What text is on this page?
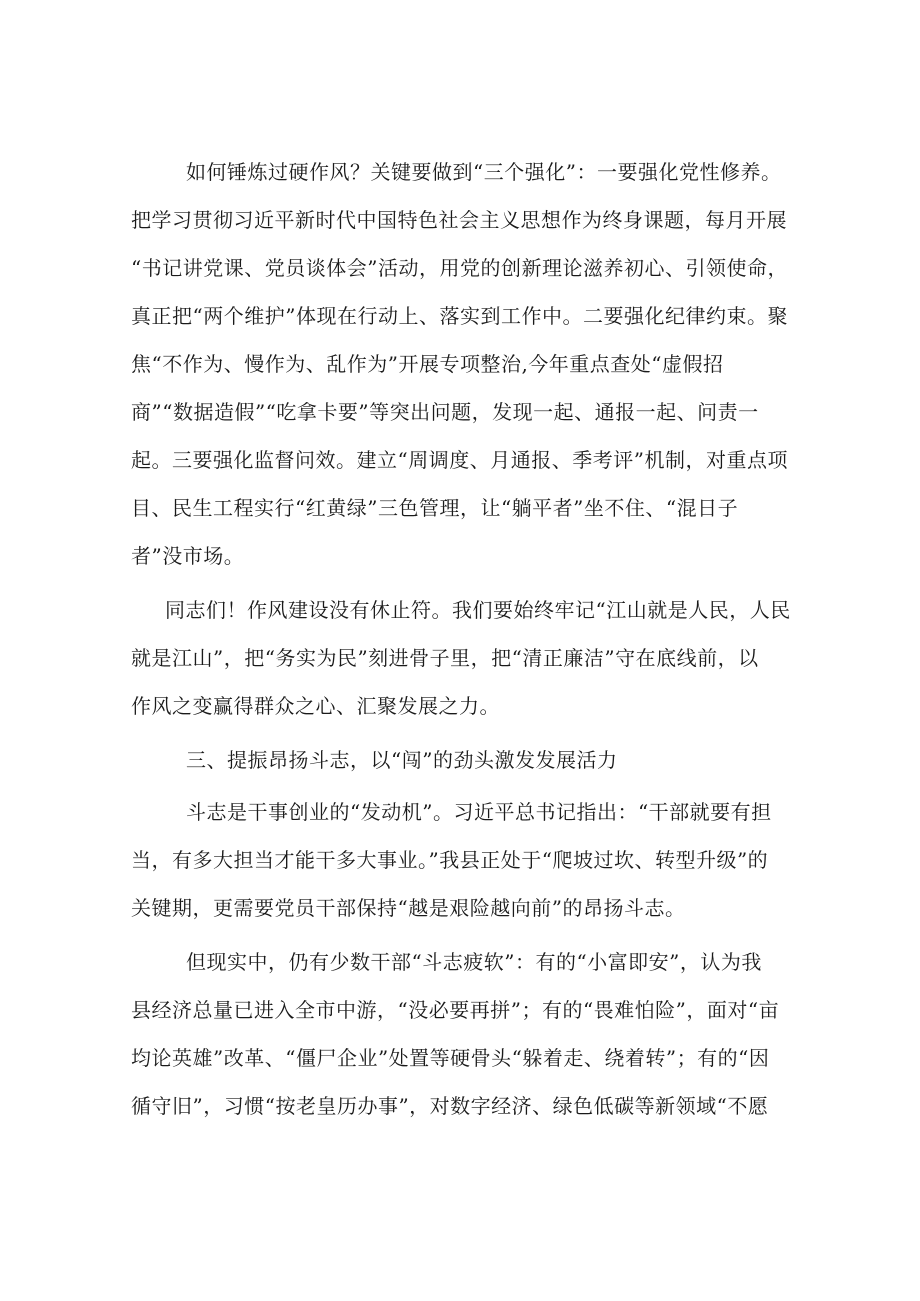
如何锤炼过硬作风？关键要做到“三个强化”：一要强化党性修养。
把学习贯彻习近平新时代中国特色社会主义思想作为终身课题，每月开展
“书记讲党课、党员谈体会”活动，用党的创新理论滋养初心、引领使命，
真正把“两个维护”体现在行动上、落实到工作中。二要强化纪律约束。聚
焦“不作为、慢作为、乱作为”开展专项整治,今年重点查处“虚假招
商”“数据造假”“吃拿卡要”等突出问题，发现一起、通报一起、问责一
起。三要强化监督问效。建立“周调度、月通报、季考评”机制，对重点项
目、民生工程实行“红黄绿”三色管理，让“躺平者”坐不住、“混日子
者”没市场。
同志们！作风建设没有休止符。我们要始终牢记“江山就是人民，人民
就是江山”，把“务实为民”刻进骨子里，把“清正廉洁”守在底线前，以
作风之变赢得群众之心、汇聚发展之力。
三、提振昂扬斗志，以“闯”的劲头激发发展活力
斗志是干事创业的“发动机”。习近平总书记指出：“干部就要有担
当，有多大担当才能干多大事业。”我县正处于“爬坡过坎、转型升级”的
关键期，更需要党员干部保持“越是艰险越向前”的昂扬斗志。
但现实中，仍有少数干部“斗志疲软”：有的“小富即安”，认为我
县经济总量已进入全市中游，“没必要再拼”；有的“畏难怕险”，面对“亩
均论英雄”改革、“僵尸企业”处置等硬骨头“躲着走、绕着转”；有的“因
循守旧”，习惯“按老皇历办事”，对数字经济、绿色低碳等新领域“不愿
